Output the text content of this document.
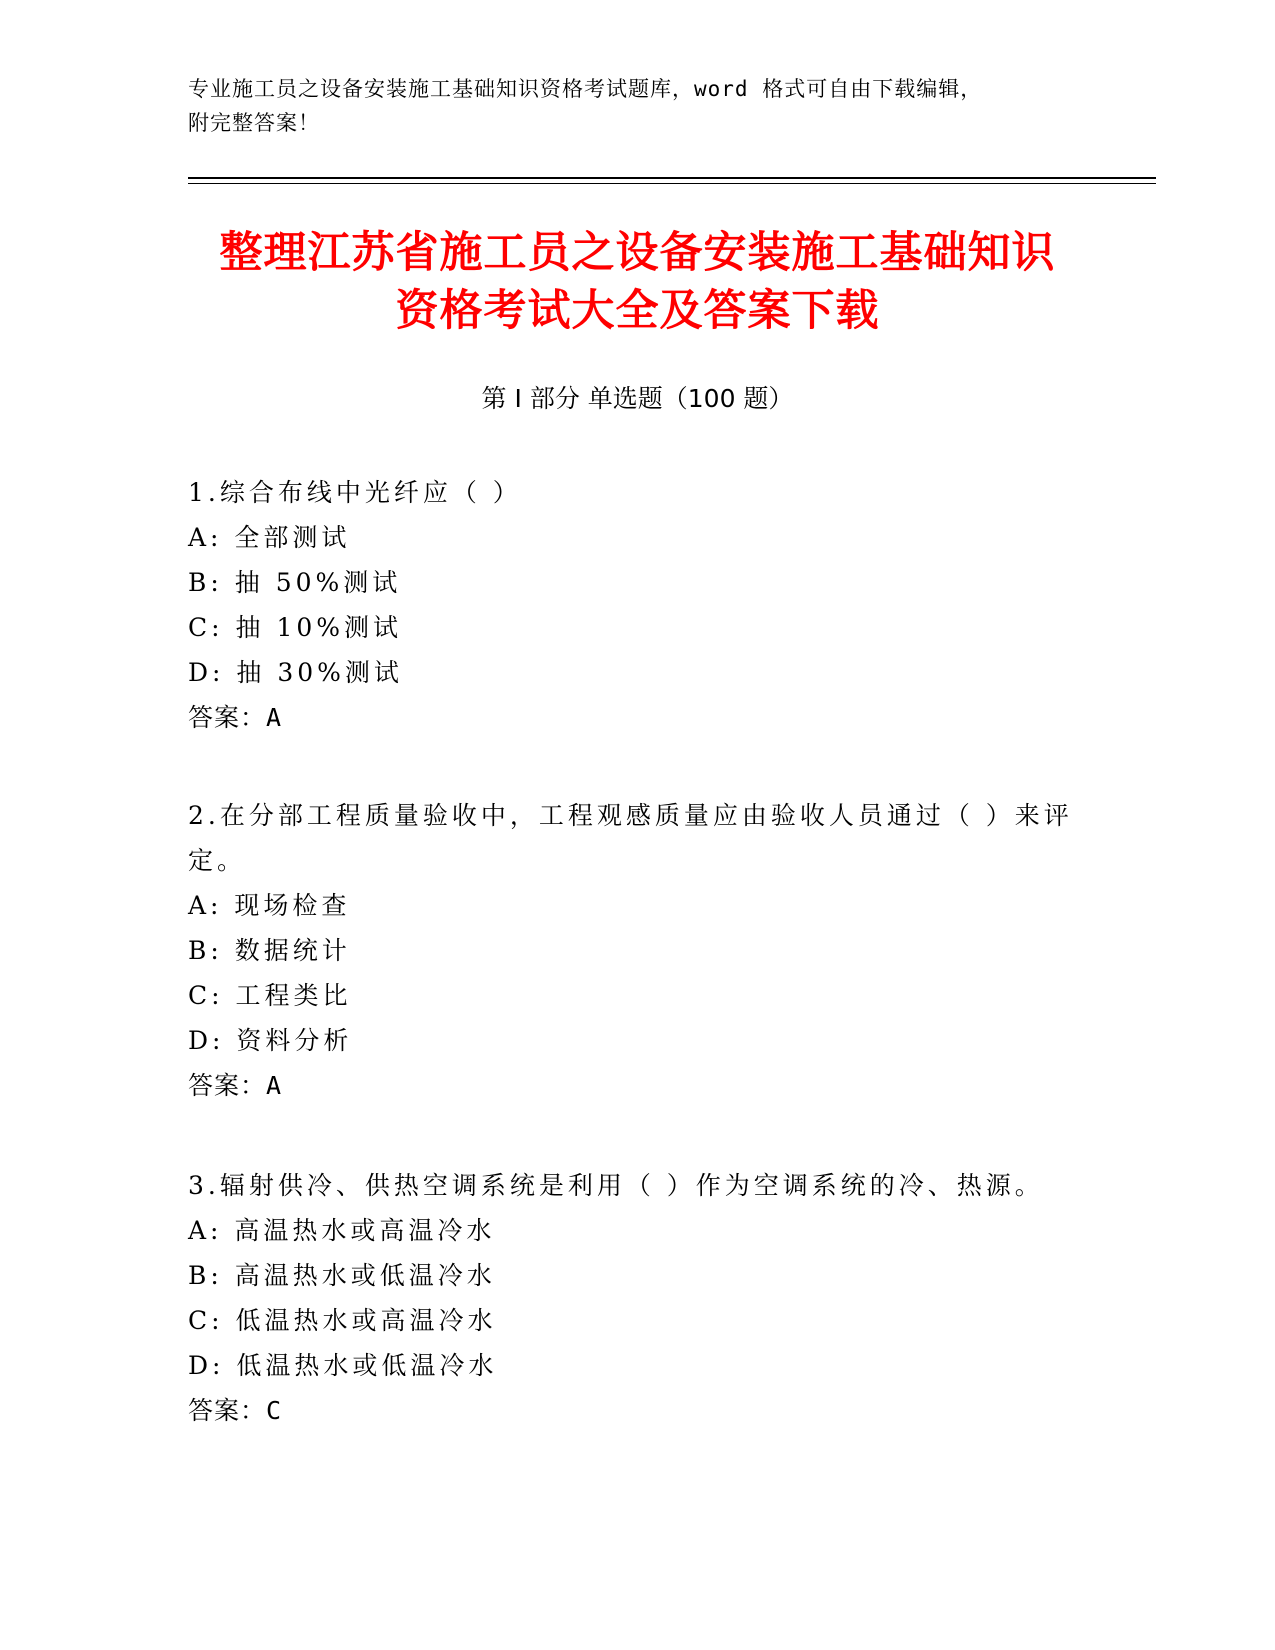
专业施工员之设备安装施工基础知识资格考试题库，word 格式可自由下载编辑，
附完整答案！
整理江苏省施工员之设备安装施工基础知识
资格考试大全及答案下载
第 I 部分 单选题（100 题）
1.综合布线中光纤应（ ）
A: 全部测试
B: 抽 50%测试
C: 抽 10%测试
D: 抽 30%测试
答案：A
2.在分部工程质量验收中，工程观感质量应由验收人员通过（ ）来评定。
A: 现场检查
B: 数据统计
C: 工程类比
D: 资料分析
答案：A
3.辐射供冷、供热空调系统是利用（ ）作为空调系统的冷、热源。
A: 高温热水或高温冷水
B: 高温热水或低温冷水
C: 低温热水或高温冷水
D: 低温热水或低温冷水
答案：C
